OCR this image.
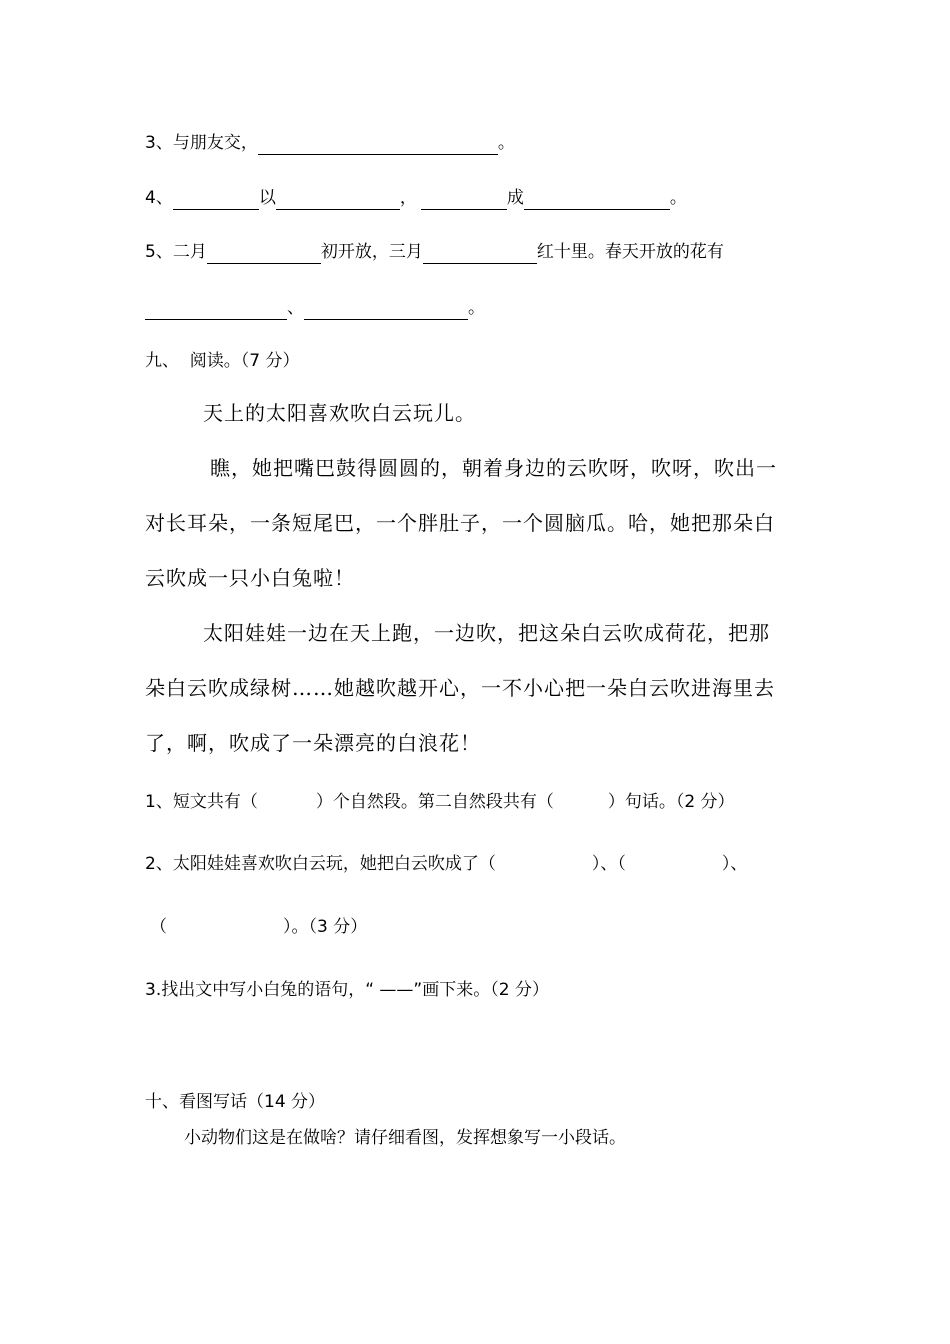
3、与朋友交，	。
4、	以	，	成	。
5、二月	初开放，三月	红十里。春天开放的花有
、	。
九、  阅读。（7 分）
天上的太阳喜欢吹白云玩儿。
瞧，她把嘴巴鼓得圆圆的，朝着身边的云吹呀，吹呀，吹出一
对长耳朵，一条短尾巴，一个胖肚子，一个圆脑瓜。哈，她把那朵白
云吹成一只小白兔啦！
太阳娃娃一边在天上跑，一边吹，把这朵白云吹成荷花，把那
朵白云吹成绿树……她越吹越开心，一不小心把一朵白云吹进海里去
了，啊，吹成了一朵漂亮的白浪花！
1、短文共有（	）个自然段。第二自然段共有（	）句话。（2 分）
2、太阳娃娃喜欢吹白云玩，她把白云吹成了（	）、（	）、
（	）。（3 分）
3.找出文中写小白兔的语句，“ ——”画下来。（2 分）
十、看图写话（14 分）
小动物们这是在做啥？请仔细看图，发挥想象写一小段话。
